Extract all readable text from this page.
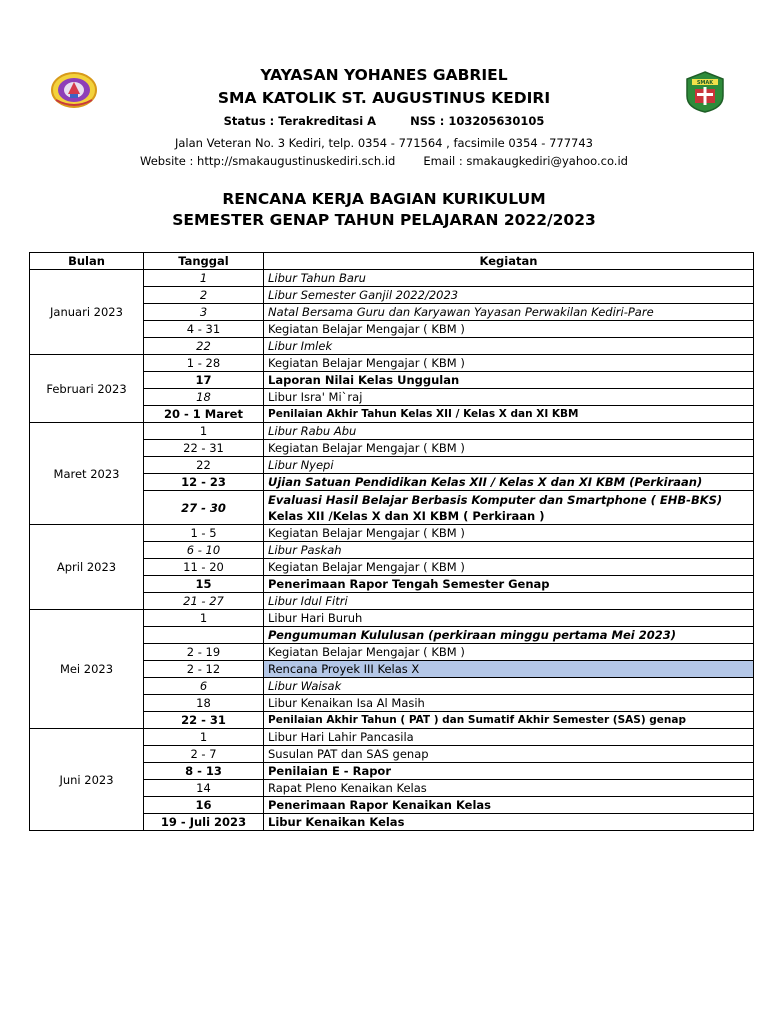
SMAK
YAYASAN YOHANES GABRIEL
SMA KATOLIK ST. AUGUSTINUS KEDIRI
Status : Terakreditasi A	NSS : 103205630105
Jalan Veteran No. 3 Kediri, telp. 0354 - 771564 , facsimile 0354 - 777743
Website : http://smakaugustinuskediri.sch.id Email : smakaugkediri@yahoo.co.id
RENCANA KERJA BAGIAN KURIKULUM
SEMESTER GENAP TAHUN PELAJARAN 2022/2023
Bulan	Tanggal	Kegiatan
Januari 2023	1	Libur Tahun Baru
	2	Libur Semester Ganjil 2022/2023
	3	Natal Bersama Guru dan Karyawan Yayasan Perwakilan Kediri-Pare
	4 - 31	Kegiatan Belajar Mengajar ( KBM )
	22	Libur Imlek
Februari 2023	1 - 28	Kegiatan Belajar Mengajar ( KBM )
	17	Laporan Nilai Kelas Unggulan
	18	Libur Isra' Mi`raj
	20 - 1 Maret	Penilaian Akhir Tahun Kelas XII / Kelas X dan XI KBM
Maret 2023	1	Libur Rabu Abu
	22 - 31	Kegiatan Belajar Mengajar ( KBM )
	22	Libur Nyepi
	12 - 23	Ujian Satuan Pendidikan Kelas XII / Kelas X dan XI KBM (Perkiraan)
	27 - 30	Evaluasi Hasil Belajar Berbasis Komputer dan Smartphone ( EHB-BKS)
Kelas XII /Kelas X dan XI KBM ( Perkiraan )

April 2023	1 - 5	Kegiatan Belajar Mengajar ( KBM )
	6 - 10	Libur Paskah
	11 - 20	Kegiatan Belajar Mengajar ( KBM )
	15	Penerimaan Rapor Tengah Semester Genap
	21 - 27	Libur Idul Fitri
Mei 2023	1	Libur Hari Buruh
		Pengumuman Kululusan (perkiraan minggu pertama Mei 2023)
	2 - 19	Kegiatan Belajar Mengajar ( KBM )
	2 - 12	Rencana Proyek III Kelas X
	6	Libur Waisak
	18	Libur Kenaikan Isa Al Masih
	22 - 31	Penilaian Akhir Tahun ( PAT ) dan Sumatif Akhir Semester (SAS) genap
Juni 2023	1	Libur Hari Lahir Pancasila
	2 - 7	Susulan PAT dan SAS genap
	8 - 13	Penilaian E - Rapor
	14	Rapat Pleno Kenaikan Kelas
	16	Penerimaan Rapor Kenaikan Kelas
	19 - Juli 2023	Libur Kenaikan Kelas
